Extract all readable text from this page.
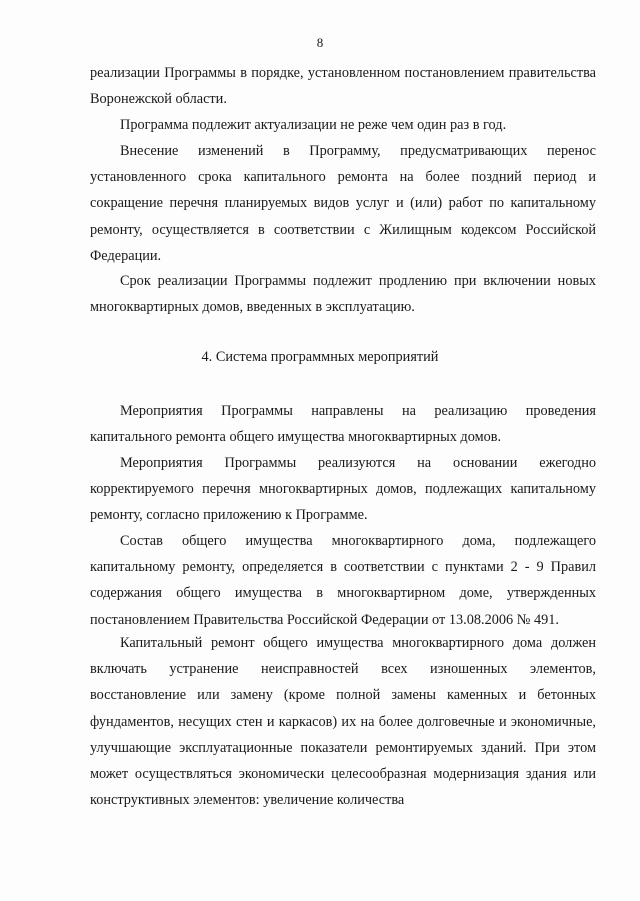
8

реализации Программы в порядке, установленном постановлением правительства Воронежской области.

Программа подлежит актуализации не реже чем один раз в год.

Внесение изменений в Программу, предусматривающих перенос установленного срока капитального ремонта на более поздний период и сокращение перечня планируемых видов услуг и (или) работ по капитальному ремонту, осуществляется в соответствии с Жилищным кодексом Российской Федерации.

Срок реализации Программы подлежит продлению при включении новых многоквартирных домов, введенных в эксплуатацию.

4. Система программных мероприятий

Мероприятия Программы направлены на реализацию проведения капитального ремонта общего имущества многоквартирных домов.

Мероприятия Программы реализуются на основании ежегодно корректируемого перечня многоквартирных домов, подлежащих капитальному ремонту, согласно приложению к Программе.

Состав общего имущества многоквартирного дома, подлежащего капитальному ремонту, определяется в соответствии с пунктами 2 - 9 Правил содержания общего имущества в многоквартирном доме, утвержденных постановлением Правительства Российской Федерации от 13.08.2006 № 491.

Капитальный ремонт общего имущества многоквартирного дома должен включать устранение неисправностей всех изношенных элементов, восстановление или замену (кроме полной замены каменных и бетонных фундаментов, несущих стен и каркасов) их на более долговечные и экономичные, улучшающие эксплуатационные показатели ремонтируемых зданий. При этом может осуществляться экономически целесообразная модернизация здания или конструктивных элементов: увеличение количества
